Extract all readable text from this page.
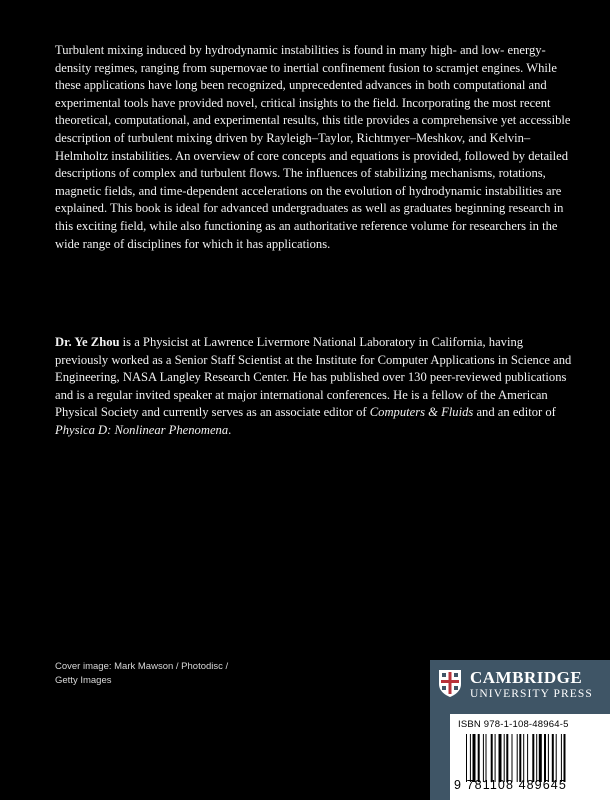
Turbulent mixing induced by hydrodynamic instabilities is found in many high- and low- energy-density regimes, ranging from supernovae to inertial confinement fusion to scramjet engines. While these applications have long been recognized, unprecedented advances in both computational and experimental tools have provided novel, critical insights to the field. Incorporating the most recent theoretical, computational, and experimental results, this title provides a comprehensive yet accessible description of turbulent mixing driven by Rayleigh–Taylor, Richtmyer–Meshkov, and Kelvin–Helmholtz instabilities. An overview of core concepts and equations is provided, followed by detailed descriptions of complex and turbulent flows. The influences of stabilizing mechanisms, rotations, magnetic fields, and time-dependent accelerations on the evolution of hydrodynamic instabilities are explained. This book is ideal for advanced undergraduates as well as graduates beginning research in this exciting field, while also functioning as an authoritative reference volume for researchers in the wide range of disciplines for which it has applications.

Dr. Ye Zhou is a Physicist at Lawrence Livermore National Laboratory in California, having previously worked as a Senior Staff Scientist at the Institute for Computer Applications in Science and Engineering, NASA Langley Research Center. He has published over 130 peer-reviewed publications and is a regular invited speaker at major international conferences. He is a fellow of the American Physical Society and currently serves as an associate editor of Computers & Fluids and an editor of Physica D: Nonlinear Phenomena.

Cover image: Mark Mawson / Photodisc / Getty Images	CAMBRIDGE
UNIVERSITY PRESS
ISBN 978-1-108-48964-5
9 781108 489645
